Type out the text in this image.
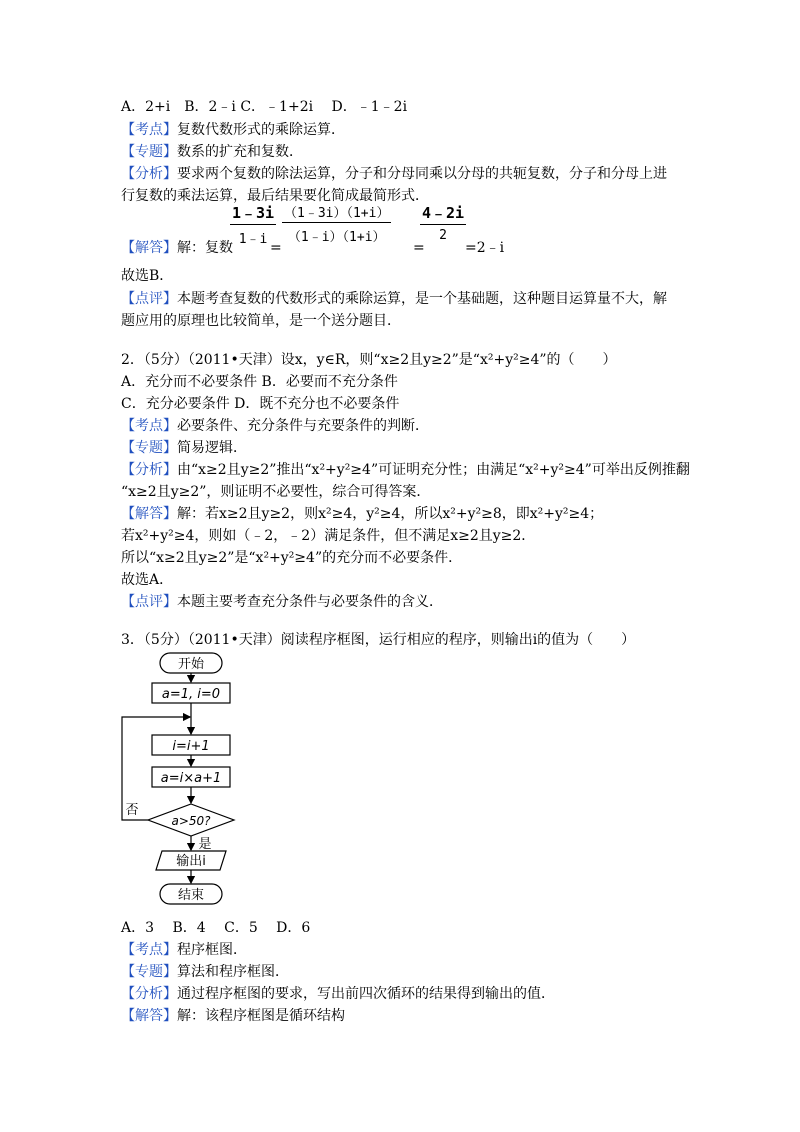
A．2+i　B．2﹣i C．﹣1+2i　 D．﹣1﹣2i
【考点】复数代数形式的乘除运算．
【专题】数系的扩充和复数．
【分析】要求两个复数的除法运算，分子和分母同乘以分母的共轭复数，分子和分母上进
行复数的乘法运算，最后结果要化简成最简形式．
$\frac{1﹣3i}{1﹣i} \frac{(1﹣3i)(1+i)}{(1﹣i)(1+i)} \frac{4﹣2i}{2}$
【解答】解：复数	=	=	=2﹣i
故选B．
【点评】本题考查复数的代数形式的乘除运算，是一个基础题，这种题目运算量不大，解
题应用的原理也比较简单，是一个送分题目．
2．（5分）（2011•天津）设x，y∈R，则“x≥2且y≥2”是“x²+y²≥4”的（　　）
A．充分而不必要条件 B．必要而不充分条件
C．充分必要条件 D．既不充分也不必要条件
【考点】必要条件、充分条件与充要条件的判断．
【专题】简易逻辑．
【分析】由“x≥2且y≥2”推出“x²+y²≥4”可证明充分性；由满足“x²+y²≥4”可举出反例推翻
“x≥2且y≥2”，则证明不必要性，综合可得答案．
【解答】解：若x≥2且y≥2，则x²≥4，y²≥4，所以x²+y²≥8，即x²+y²≥4；
若x²+y²≥4，则如（﹣2，﹣2）满足条件，但不满足x≥2且y≥2．
所以“x≥2且y≥2”是“x²+y²≥4”的充分而不必要条件．
故选A．
【点评】本题主要考查充分条件与必要条件的含义．
3．（5分）（2011•天津）阅读程序框图，运行相应的程序，则输出i的值为（　　）
开始
a=1, i=0
i=i+1
a=i×a+1
a>50?
否
是
输出i
结束
A．3　 B．4　 C．5　 D．6
【考点】程序框图．
【专题】算法和程序框图．
【分析】通过程序框图的要求，写出前四次循环的结果得到输出的值．
【解答】解：该程序框图是循环结构
